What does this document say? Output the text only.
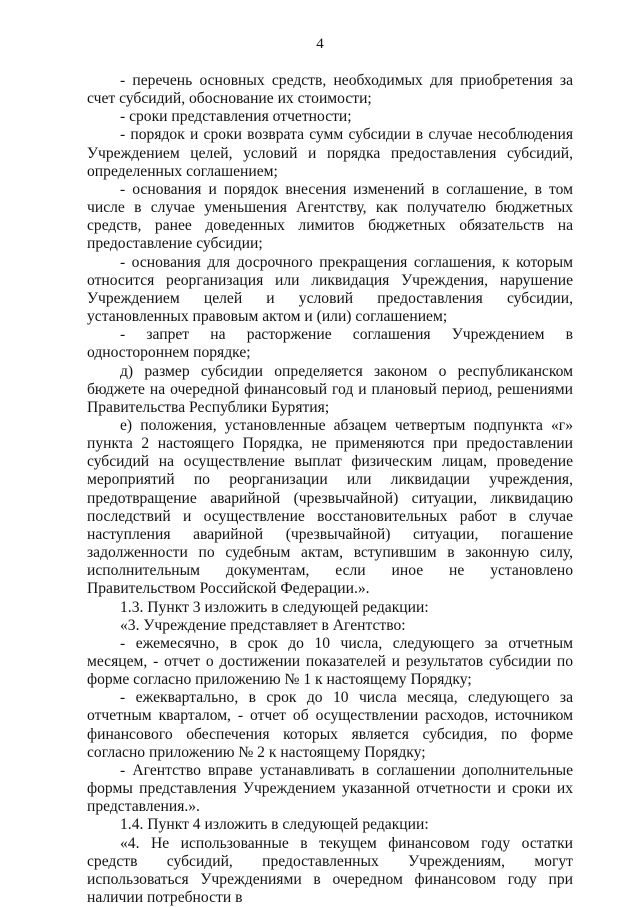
4

- перечень основных средств, необходимых для приобретения за счет субсидий, обоснование их стоимости;

- сроки представления отчетности;

- порядок и сроки возврата сумм субсидии в случае несоблюдения Учреждением целей, условий и порядка предоставления субсидий, определенных соглашением;

- основания и порядок внесения изменений в соглашение, в том числе в случае уменьшения Агентству, как получателю бюджетных средств, ранее доведенных лимитов бюджетных обязательств на предоставление субсидии;

- основания для досрочного прекращения соглашения, к которым относится реорганизация или ликвидация Учреждения, нарушение Учреждением целей и условий предоставления субсидии, установленных правовым актом и (или) соглашением;

- запрет на расторжение соглашения Учреждением в одностороннем порядке;

д) размер субсидии определяется законом о республиканском бюджете на очередной финансовый год и плановый период, решениями Правительства Республики Бурятия;

е) положения, установленные абзацем четвертым подпункта «г» пункта 2 настоящего Порядка, не применяются при предоставлении субсидий на осуществление выплат физическим лицам, проведение мероприятий по реорганизации или ликвидации учреждения, предотвращение аварийной (чрезвычайной) ситуации, ликвидацию последствий и осуществление восстановительных работ в случае наступления аварийной (чрезвычайной) ситуации, погашение задолженности по судебным актам, вступившим в законную силу, исполнительным документам, если иное не установлено Правительством Российской Федерации.».

1.3. Пункт 3 изложить в следующей редакции:

«3. Учреждение представляет в Агентство:

- ежемесячно, в срок до 10 числа, следующего за отчетным месяцем, - отчет о достижении показателей и результатов субсидии по форме согласно приложению № 1 к настоящему Порядку;

- ежеквартально, в срок до 10 числа месяца, следующего за отчетным кварталом, - отчет об осуществлении расходов, источником финансового обеспечения которых является субсидия, по форме согласно приложению № 2 к настоящему Порядку;

- Агентство вправе устанавливать в соглашении дополнительные формы представления Учреждением указанной отчетности и сроки их представления.».

1.4. Пункт 4 изложить в следующей редакции:

«4. Не использованные в текущем финансовом году остатки средств субсидий, предоставленных Учреждениям, могут использоваться Учреждениями в очередном финансовом году при наличии потребности в
